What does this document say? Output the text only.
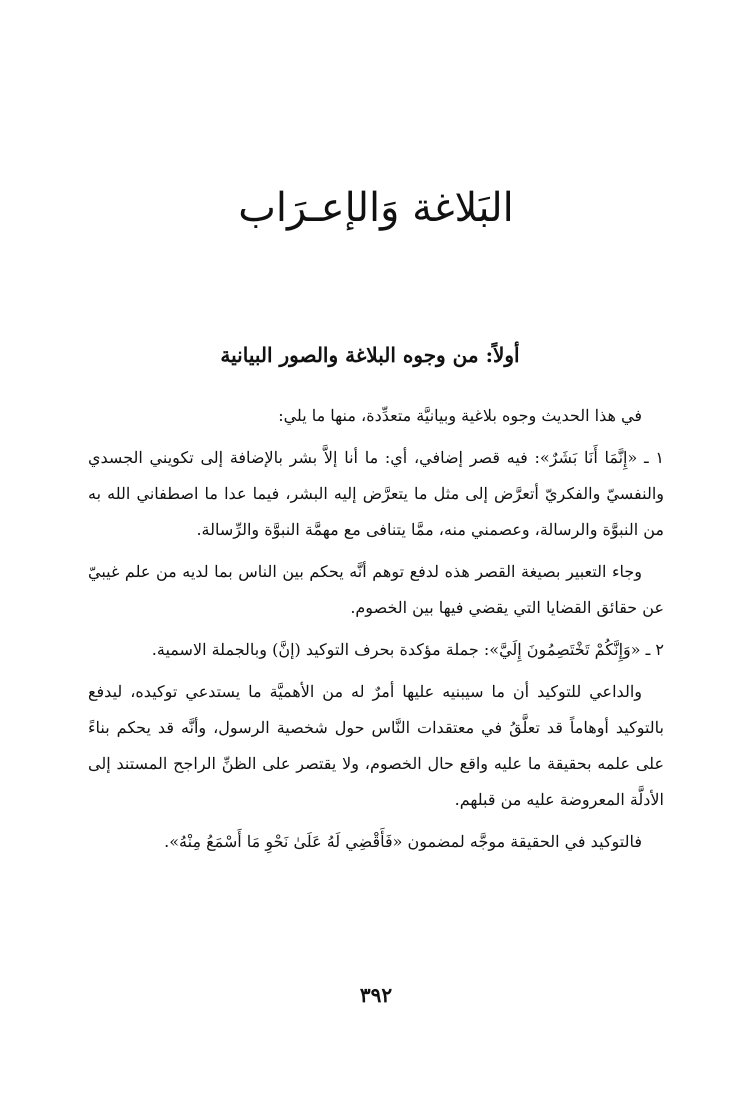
البَلاغة وَالإعـرَاب
أولاً: من وجوه البلاغة والصور البيانية

في هذا الحديث وجوه بلاغية وبيانيَّة متعدِّدة، منها ما يلي:

١ ـ «إِنَّمَا أَنَا بَشَرٌ»: فيه قصر إضافي، أي: ما أنا إلاَّ بشر بالإضافة إلى تكويني الجسدي والنفسيّ والفكريّ أتعرَّض إلى مثل ما يتعرَّض إليه البشر، فيما عدا ما اصطفاني الله به من النبوَّة والرسالة، وعصمني منه، ممَّا يتنافى مع مهمَّة النبوَّة والرِّسالة.

وجاء التعبير بصيغة القصر هذه لدفع توهم أنَّه يحكم بين الناس بما لديه من علم غيبيّ عن حقائق القضايا التي يقضي فيها بين الخصوم.

٢ ـ «وَإِنَّكُمْ تَخْتَصِمُونَ إِلَيَّ»: جملة مؤكدة بحرف التوكيد (إنَّ) وبالجملة الاسمية.

والداعي للتوكيد أن ما سيبنيه عليها أمرٌ له من الأهميَّة ما يستدعي توكيده، ليدفع بالتوكيد أوهاماً قد تعلَّقُ في معتقدات النَّاس حول شخصية الرسول، وأنَّه قد يحكم بناءً على علمه بحقيقة ما عليه واقع حال الخصوم، ولا يقتصر على الظنِّ الراجح المستند إلى الأدلَّة المعروضة عليه من قبلهم.

فالتوكيد في الحقيقة موجَّه لمضمون «فَأَقْضِي لَهُ عَلَىٰ نَحْوِ مَا أَسْمَعُ مِنْهُ».

٣٩٢
